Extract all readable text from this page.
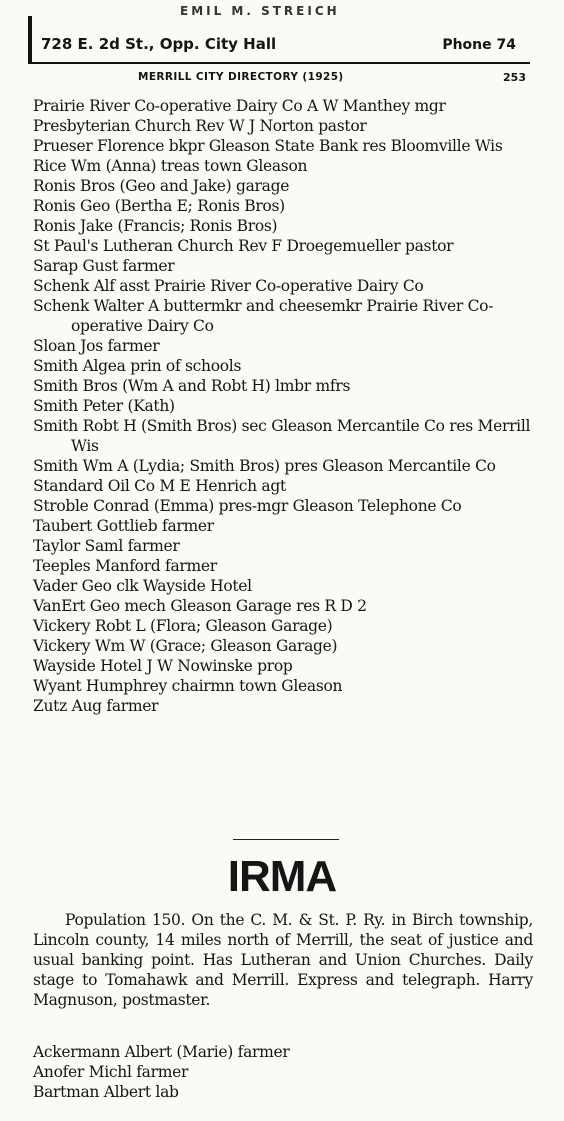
EMIL M. STREICH
728 E. 2d St., Opp. City Hall	Phone 74
MERRILL CITY DIRECTORY (1925)	253
Prairie River Co-operative Dairy Co A W Manthey mgr
Presbyterian Church Rev W J Norton pastor
Prueser Florence bkpr Gleason State Bank res Bloomville Wis
Rice Wm (Anna) treas town Gleason
Ronis Bros (Geo and Jake) garage
Ronis Geo (Bertha E; Ronis Bros)
Ronis Jake (Francis; Ronis Bros)
St Paul's Lutheran Church Rev F Droegemueller pastor
Sarap Gust farmer
Schenk Alf asst Prairie River Co-operative Dairy Co
Schenk Walter A buttermkr and cheesemkr Prairie River Co-operative Dairy Co
Sloan Jos farmer
Smith Algea prin of schools
Smith Bros (Wm A and Robt H) lmbr mfrs
Smith Peter (Kath)
Smith Robt H (Smith Bros) sec Gleason Mercantile Co res Merrill Wis
Smith Wm A (Lydia; Smith Bros) pres Gleason Mercantile Co
Standard Oil Co M E Henrich agt
Stroble Conrad (Emma) pres-mgr Gleason Telephone Co
Taubert Gottlieb farmer
Taylor Saml farmer
Teeples Manford farmer
Vader Geo clk Wayside Hotel
VanErt Geo mech Gleason Garage res R D 2
Vickery Robt L (Flora; Gleason Garage)
Vickery Wm W (Grace; Gleason Garage)
Wayside Hotel J W Nowinske prop
Wyant Humphrey chairmn town Gleason
Zutz Aug farmer
IRMA

Population 150. On the C. M. & St. P. Ry. in Birch township, Lincoln county, 14 miles north of Merrill, the seat of justice and usual banking point. Has Lutheran and Union Churches. Daily stage to Tomahawk and Merrill. Express and telegraph. Harry Magnuson, postmaster.

Ackermann Albert (Marie) farmer
Anofer Michl farmer
Bartman Albert lab
